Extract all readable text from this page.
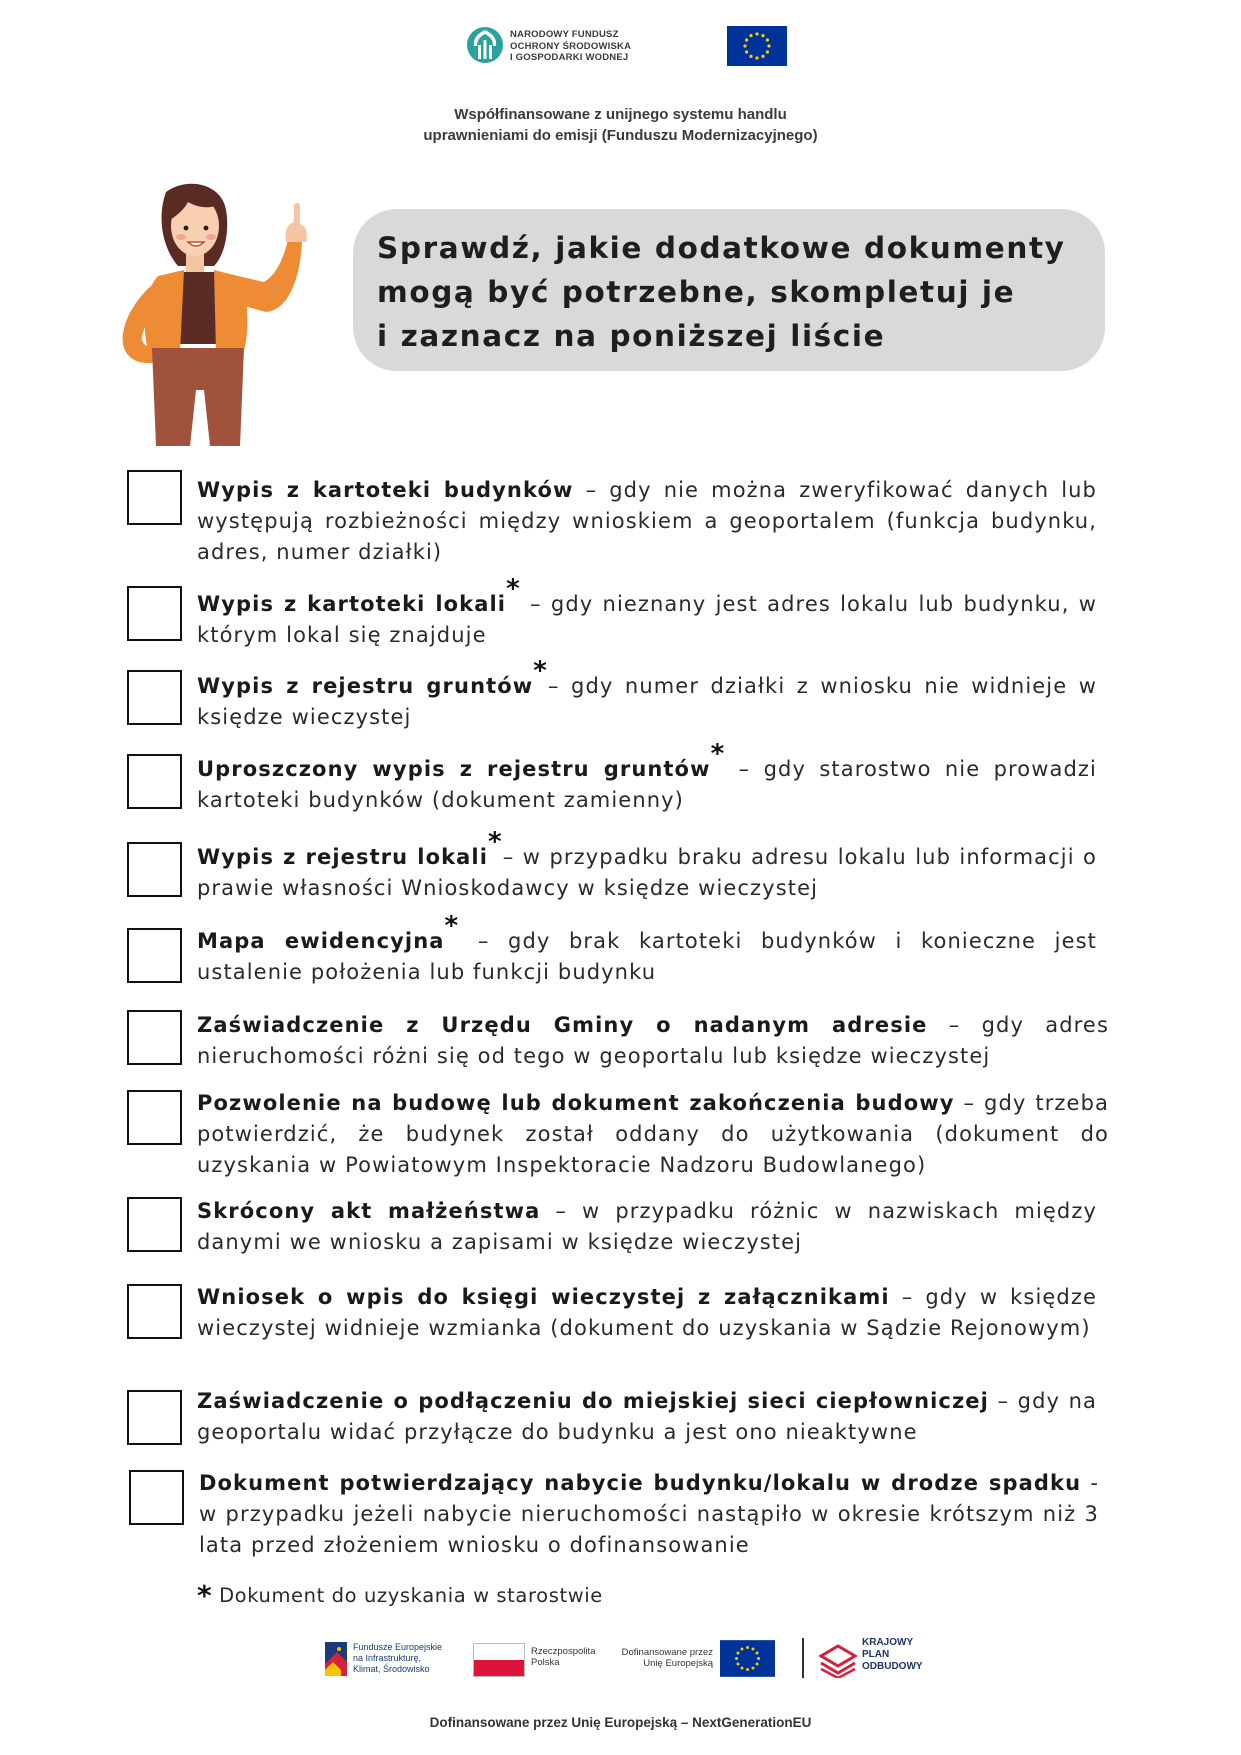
NARODOWY FUNDUSZ
OCHRONY ŚRODOWISKA
I GOSPODARKI WODNEJ
Współfinansowane z unijnego systemu handlu
uprawnieniami do emisji (Funduszu Modernizacyjnego)
Sprawdź, jakie dodatkowe dokumenty
mogą być potrzebne, skompletuj je
i zaznacz na poniższej liście
Wypis z kartoteki budynków – gdy nie można zweryfikować danych lub występują rozbieżności między wnioskiem a geoportalem (funkcja budynku, adres, numer działki)
Wypis z kartoteki lokali* – gdy nieznany jest adres lokalu lub budynku, w którym lokal się znajduje
Wypis z rejestru gruntów*– gdy numer działki z wniosku nie widnieje w księdze wieczystej
Uproszczony wypis z rejestru gruntów* – gdy starostwo nie prowadzi kartoteki budynków (dokument zamienny)
Wypis z rejestru lokali*– w przypadku braku adresu lokalu lub informacji o prawie własności Wnioskodawcy w księdze wieczystej
Mapa ewidencyjna* – gdy brak kartoteki budynków i konieczne jest ustalenie położenia lub funkcji budynku
Zaświadczenie z Urzędu Gminy o nadanym adresie – gdy adres nieruchomości różni się od tego w geoportalu lub księdze wieczystej
Pozwolenie na budowę lub dokument zakończenia budowy – gdy trzeba potwierdzić, że budynek został oddany do użytkowania (dokument do uzyskania w Powiatowym Inspektoracie Nadzoru Budowlanego)
Skrócony akt małżeństwa – w przypadku różnic w nazwiskach między danymi we wniosku a zapisami w księdze wieczystej
Wniosek o wpis do księgi wieczystej z załącznikami – gdy w księdze wieczystej widnieje wzmianka (dokument do uzyskania w Sądzie Rejonowym)
Zaświadczenie o podłączeniu do miejskiej sieci ciepłowniczej – gdy na geoportalu widać przyłącze do budynku a jest ono nieaktywne
Dokument potwierdzający nabycie budynku/lokalu w drodze spadku - w przypadku jeżeli nabycie nieruchomości nastąpiło w okresie krótszym niż 3 lata przed złożeniem wniosku o dofinansowanie
* Dokument do uzyskania w starostwie
Fundusze Europejskie
na Infrastrukturę,
Klimat, Środowisko
Rzeczpospolita
Polska
Dofinansowane przez
Unię Europejską
KRAJOWY
PLAN
ODBUDOWY
Dofinansowane przez Unię Europejską – NextGenerationEU
